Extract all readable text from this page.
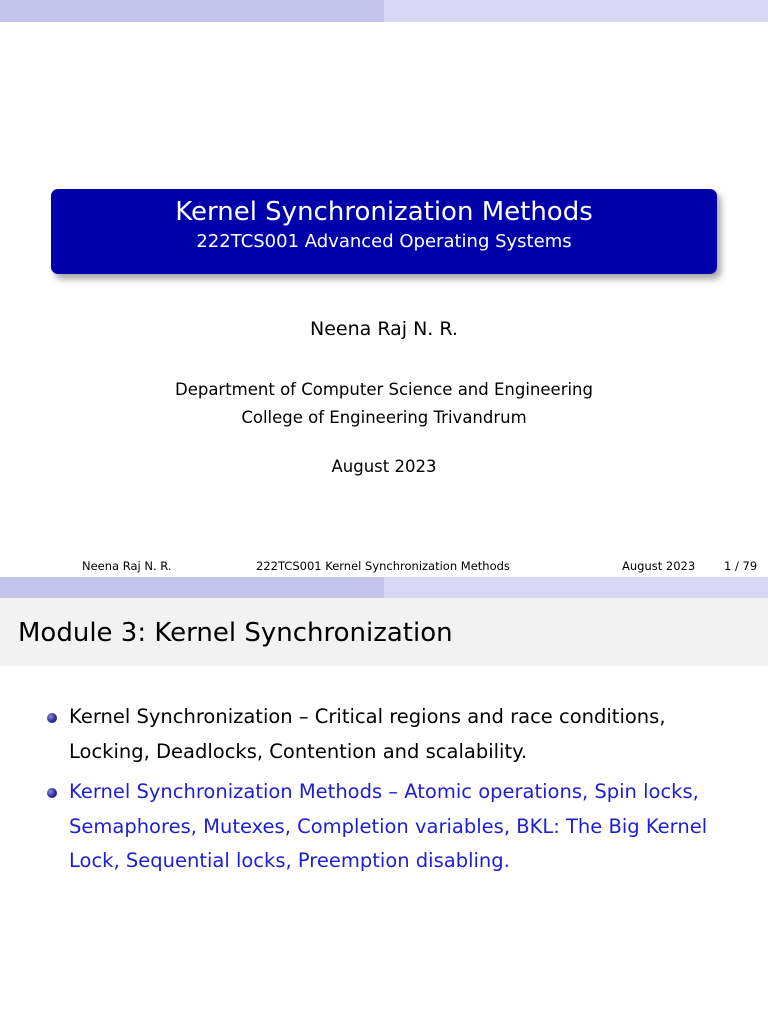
Kernel Synchronization Methods
222TCS001 Advanced Operating Systems
Neena Raj N. R.
Department of Computer Science and Engineering
College of Engineering Trivandrum
August 2023
Neena Raj N. R.	222TCS001 Kernel Synchronization Methods	August 2023	1 / 79
Module 3: Kernel Synchronization
Kernel Synchronization – Critical regions and race conditions, Locking, Deadlocks, Contention and scalability.
Kernel Synchronization Methods – Atomic operations, Spin locks, Semaphores, Mutexes, Completion variables, BKL: The Big Kernel Lock, Sequential locks, Preemption disabling.
